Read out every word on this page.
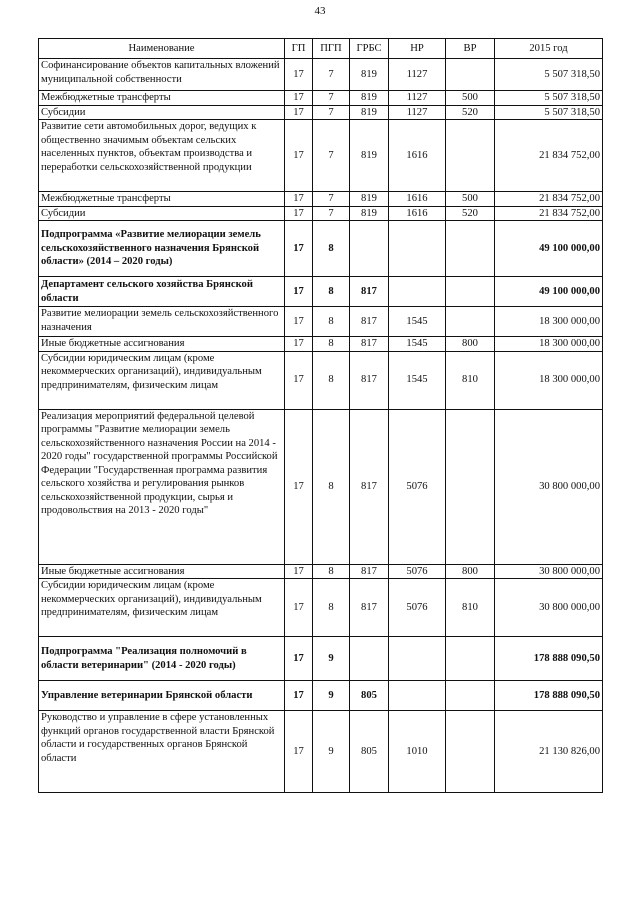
43
Наименование	ГП	ПГП	ГРБС	НР	ВР	2015 год
Софинансирование объектов капитальных вложений муниципальной собственности	17	7	819	1127		5 507 318,50
Межбюджетные трансферты	17	7	819	1127	500	5 507 318,50
Субсидии	17	7	819	1127	520	5 507 318,50
Развитие сети автомобильных дорог, ведущих к общественно значимым объектам сельских населенных пунктов, объектам производства и переработки сельскохозяйственной продукции	17	7	819	1616		21 834 752,00
Межбюджетные трансферты	17	7	819	1616	500	21 834 752,00
Субсидии	17	7	819	1616	520	21 834 752,00
Подпрограмма «Развитие мелиорации земель сельскохозяйственного назначения Брянской области» (2014 – 2020 годы)	17	8				49 100 000,00
Департамент сельского хозяйства Брянской области	17	8	817			49 100 000,00
Развитие мелиорации земель сельскохозяйственного назначения	17	8	817	1545		18 300 000,00
Иные бюджетные ассигнования	17	8	817	1545	800	18 300 000,00
Субсидии юридическим лицам (кроме некоммерческих организаций), индивидуальным предпринимателям, физическим лицам	17	8	817	1545	810	18 300 000,00
Реализация мероприятий федеральной целевой программы "Развитие мелиорации земель сельскохозяйственного назначения России на 2014 - 2020 годы" государственной программы Российской Федерации "Государственная программа развития сельского хозяйства и регулирования рынков сельскохозяйственной продукции, сырья и продовольствия на 2013 - 2020 годы"	17	8	817	5076		30 800 000,00
Иные бюджетные ассигнования	17	8	817	5076	800	30 800 000,00
Субсидии юридическим лицам (кроме некоммерческих организаций), индивидуальным предпринимателям, физическим лицам	17	8	817	5076	810	30 800 000,00
Подпрограмма "Реализация полномочий в области ветеринарии" (2014 - 2020 годы)	17	9				178 888 090,50
Управление ветеринарии Брянской области	17	9	805			178 888 090,50
Руководство и управление в сфере установленных функций органов государственной власти Брянской области и государственных органов Брянской области	17	9	805	1010		21 130 826,00
